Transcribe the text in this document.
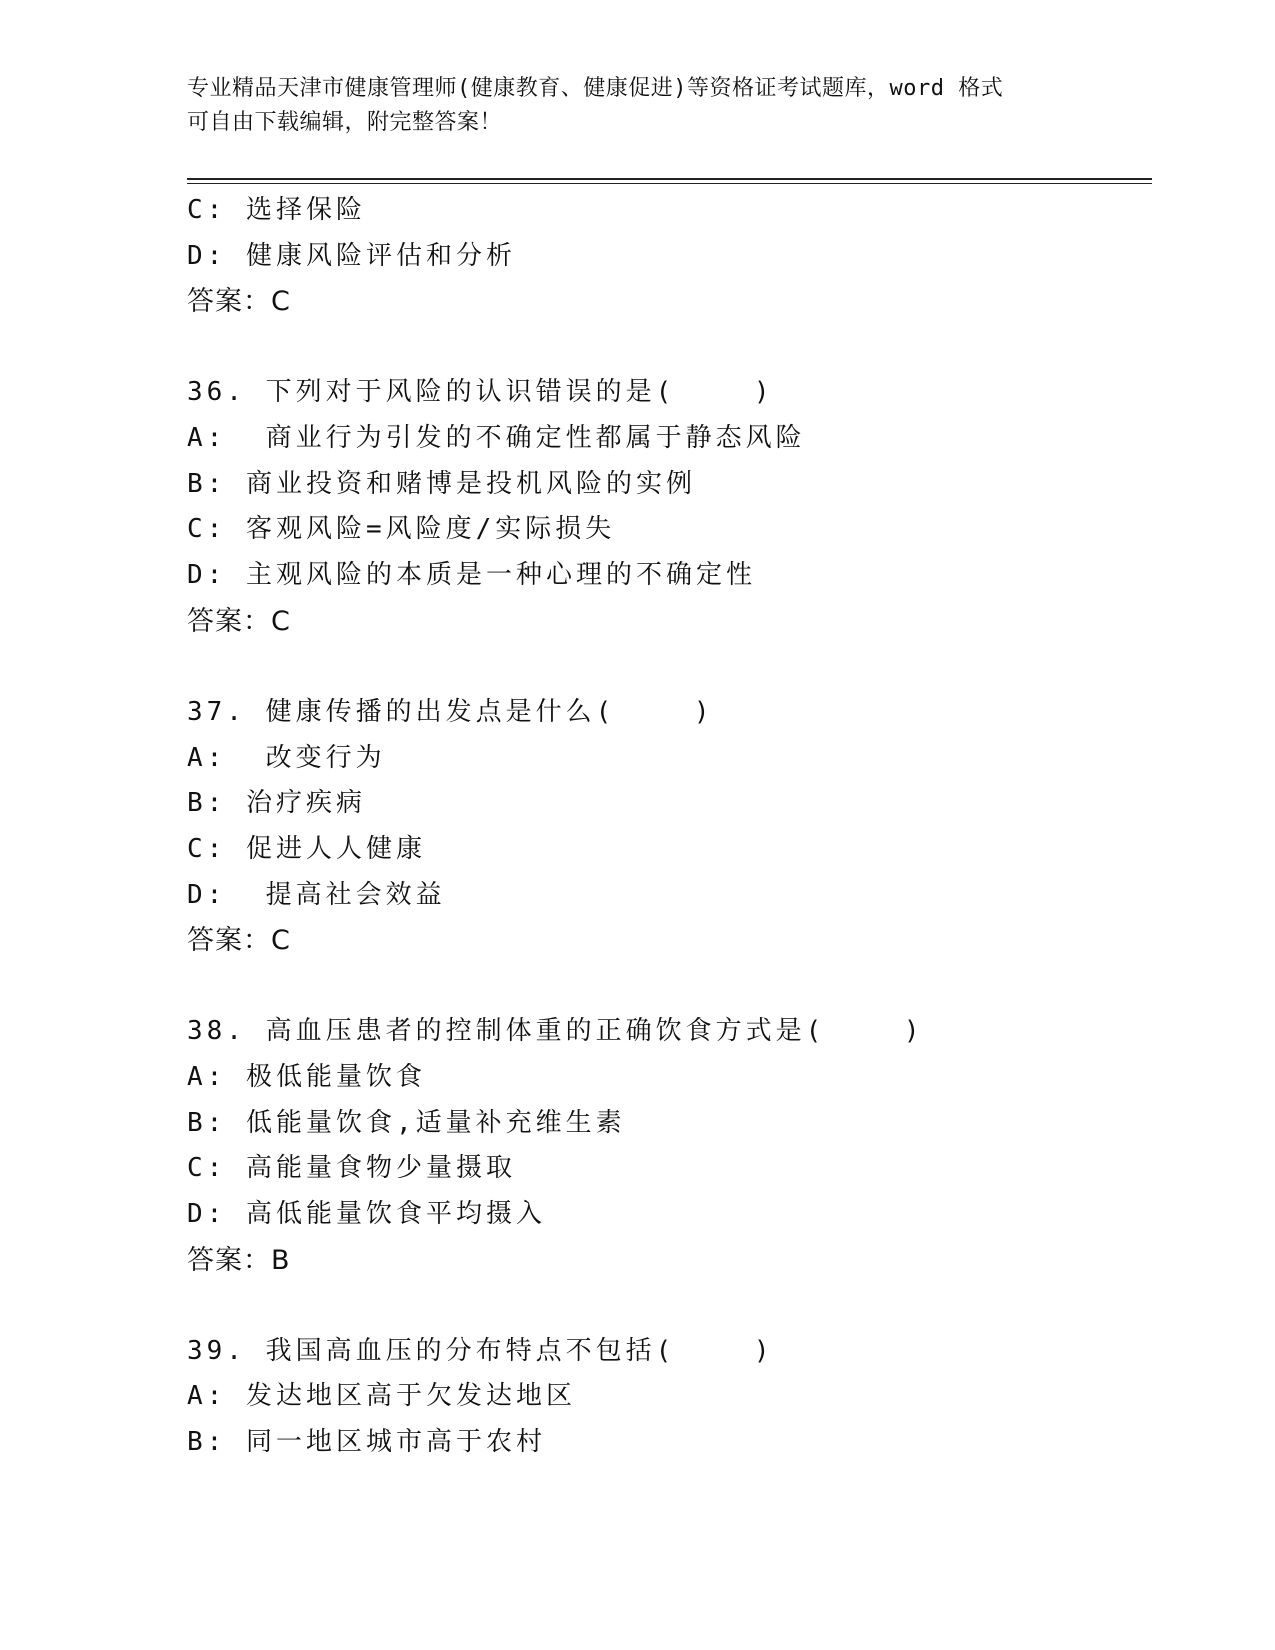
专业精品天津市健康管理师(健康教育、健康促进)等资格证考试题库，word 格式
可自由下载编辑，附完整答案！
C: 选择保险
D: 健康风险评估和分析
答案：C
36. 下列对于风险的认识错误的是(    )
A:  商业行为引发的不确定性都属于静态风险
B: 商业投资和赌博是投机风险的实例
C: 客观风险=风险度/实际损失
D: 主观风险的本质是一种心理的不确定性
答案：C
37. 健康传播的出发点是什么(    )
A:  改变行为
B: 治疗疾病
C: 促进人人健康
D:  提高社会效益
答案：C
38. 高血压患者的控制体重的正确饮食方式是(    )
A: 极低能量饮食
B: 低能量饮食,适量补充维生素
C: 高能量食物少量摄取
D: 高低能量饮食平均摄入
答案：B
39. 我国高血压的分布特点不包括(    )
A: 发达地区高于欠发达地区
B: 同一地区城市高于农村
